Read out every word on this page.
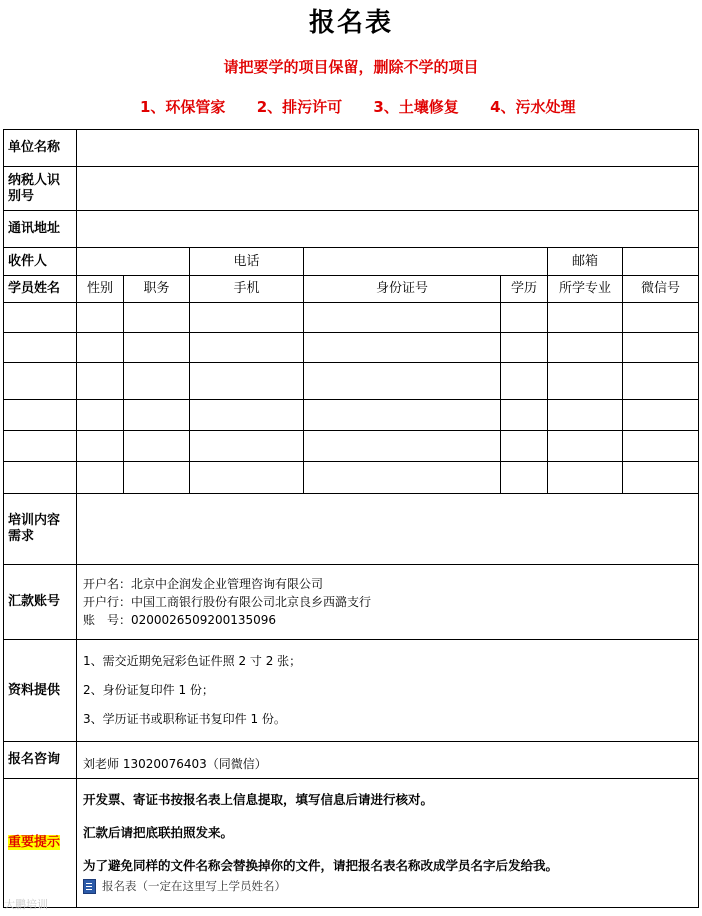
报名表
请把要学的项目保留，删除不学的项目
1、环保管家 2、排污许可 3、土壤修复 4、污水处理
单位名称							
纳税人识别号							
通讯地址							
收件人			电话			邮箱	
学员姓名	性别	职务	手机	身份证号	学历	所学专业	微信号

培训内容需求							
汇款账号	开户名：北京中企润发企业管理咨询有限公司
开户行：中国工商银行股份有限公司北京良乡西潞支行
账　号：0200026509200135096						

资料提供	1、需交近期免冠彩色证件照 2 寸 2 张；
2、身份证复印件 1 份；
3、学历证书或职称证书复印件 1 份。						

报名咨询	刘老师 13020076403（同微信）						
重要提示	开发票、寄证书按报名表上信息提取，填写信息后请进行核对。
汇款后请把底联拍照发来。
为了避免同样的文件名称会替换掉你的文件，请把报名表名称改成学员名字后发给我。
报名表（一定在这里写上学员姓名）						
大鹏培训
